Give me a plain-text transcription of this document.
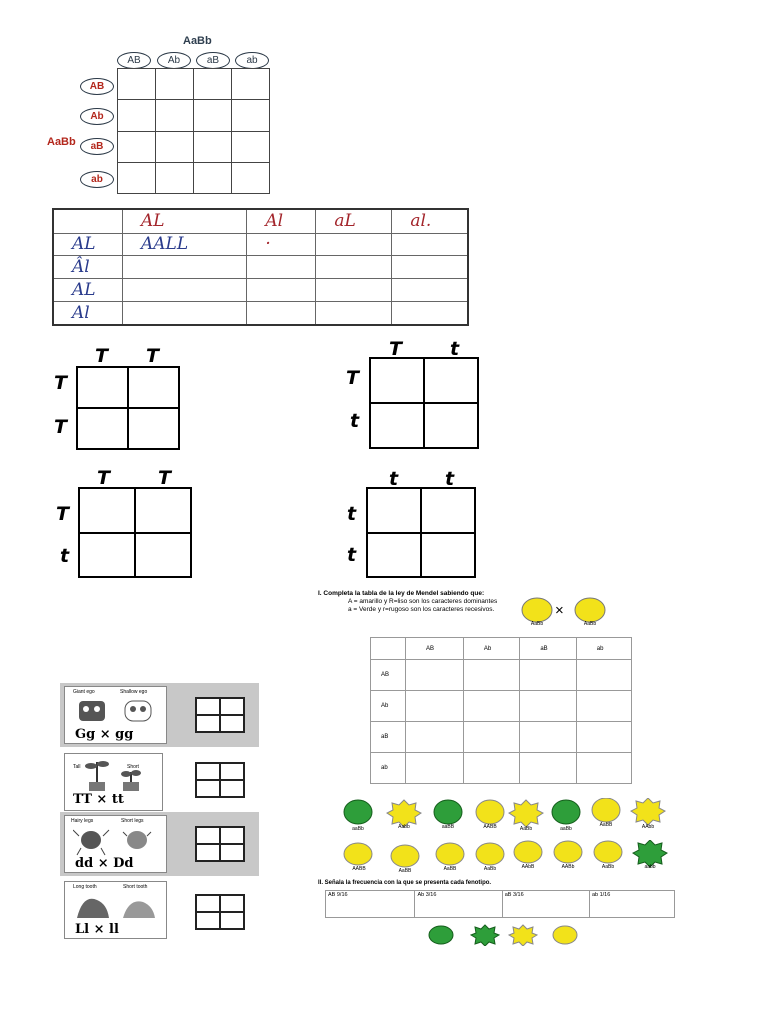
AaBb
AB	Ab	aB	ab
AB
Ab
aB
ab
AaBb

	AL	Al	aL	al.
AL	AALL	·		
Âl				
AL				
Al				
T T
T
T

T	t
T
t

T	T
T
t

t t
t
t

I. Completa la tabla de la ley de Mendel sabiendo que:
A = amarillo y R=liso son los caracteres dominantes
a = Verde y r=rugoso son los caracteres recesivos.	×
AaBb	AaBb
	AB	Ab	aB	ab
AB				
Ab				
aB				
ab				
aaBb	Aabb	aaBB	AABB	AaBb	aaBb
AaBB	AAbb
AABB	AaBB	AaBB	AaBb	AAbB	AABb	AaBb	aabb
II. Señala la frecuencia con la que se presenta cada fenotipo.
AB 9/16	Ab 3/16	aB 3/16	ab 1/16
Giant ego	Shallow ego
Gg × gg

Tall	Short
TT × tt

Hairy legs	Short legs
dd × Dd

Long tooth	Short tooth
Ll × ll
